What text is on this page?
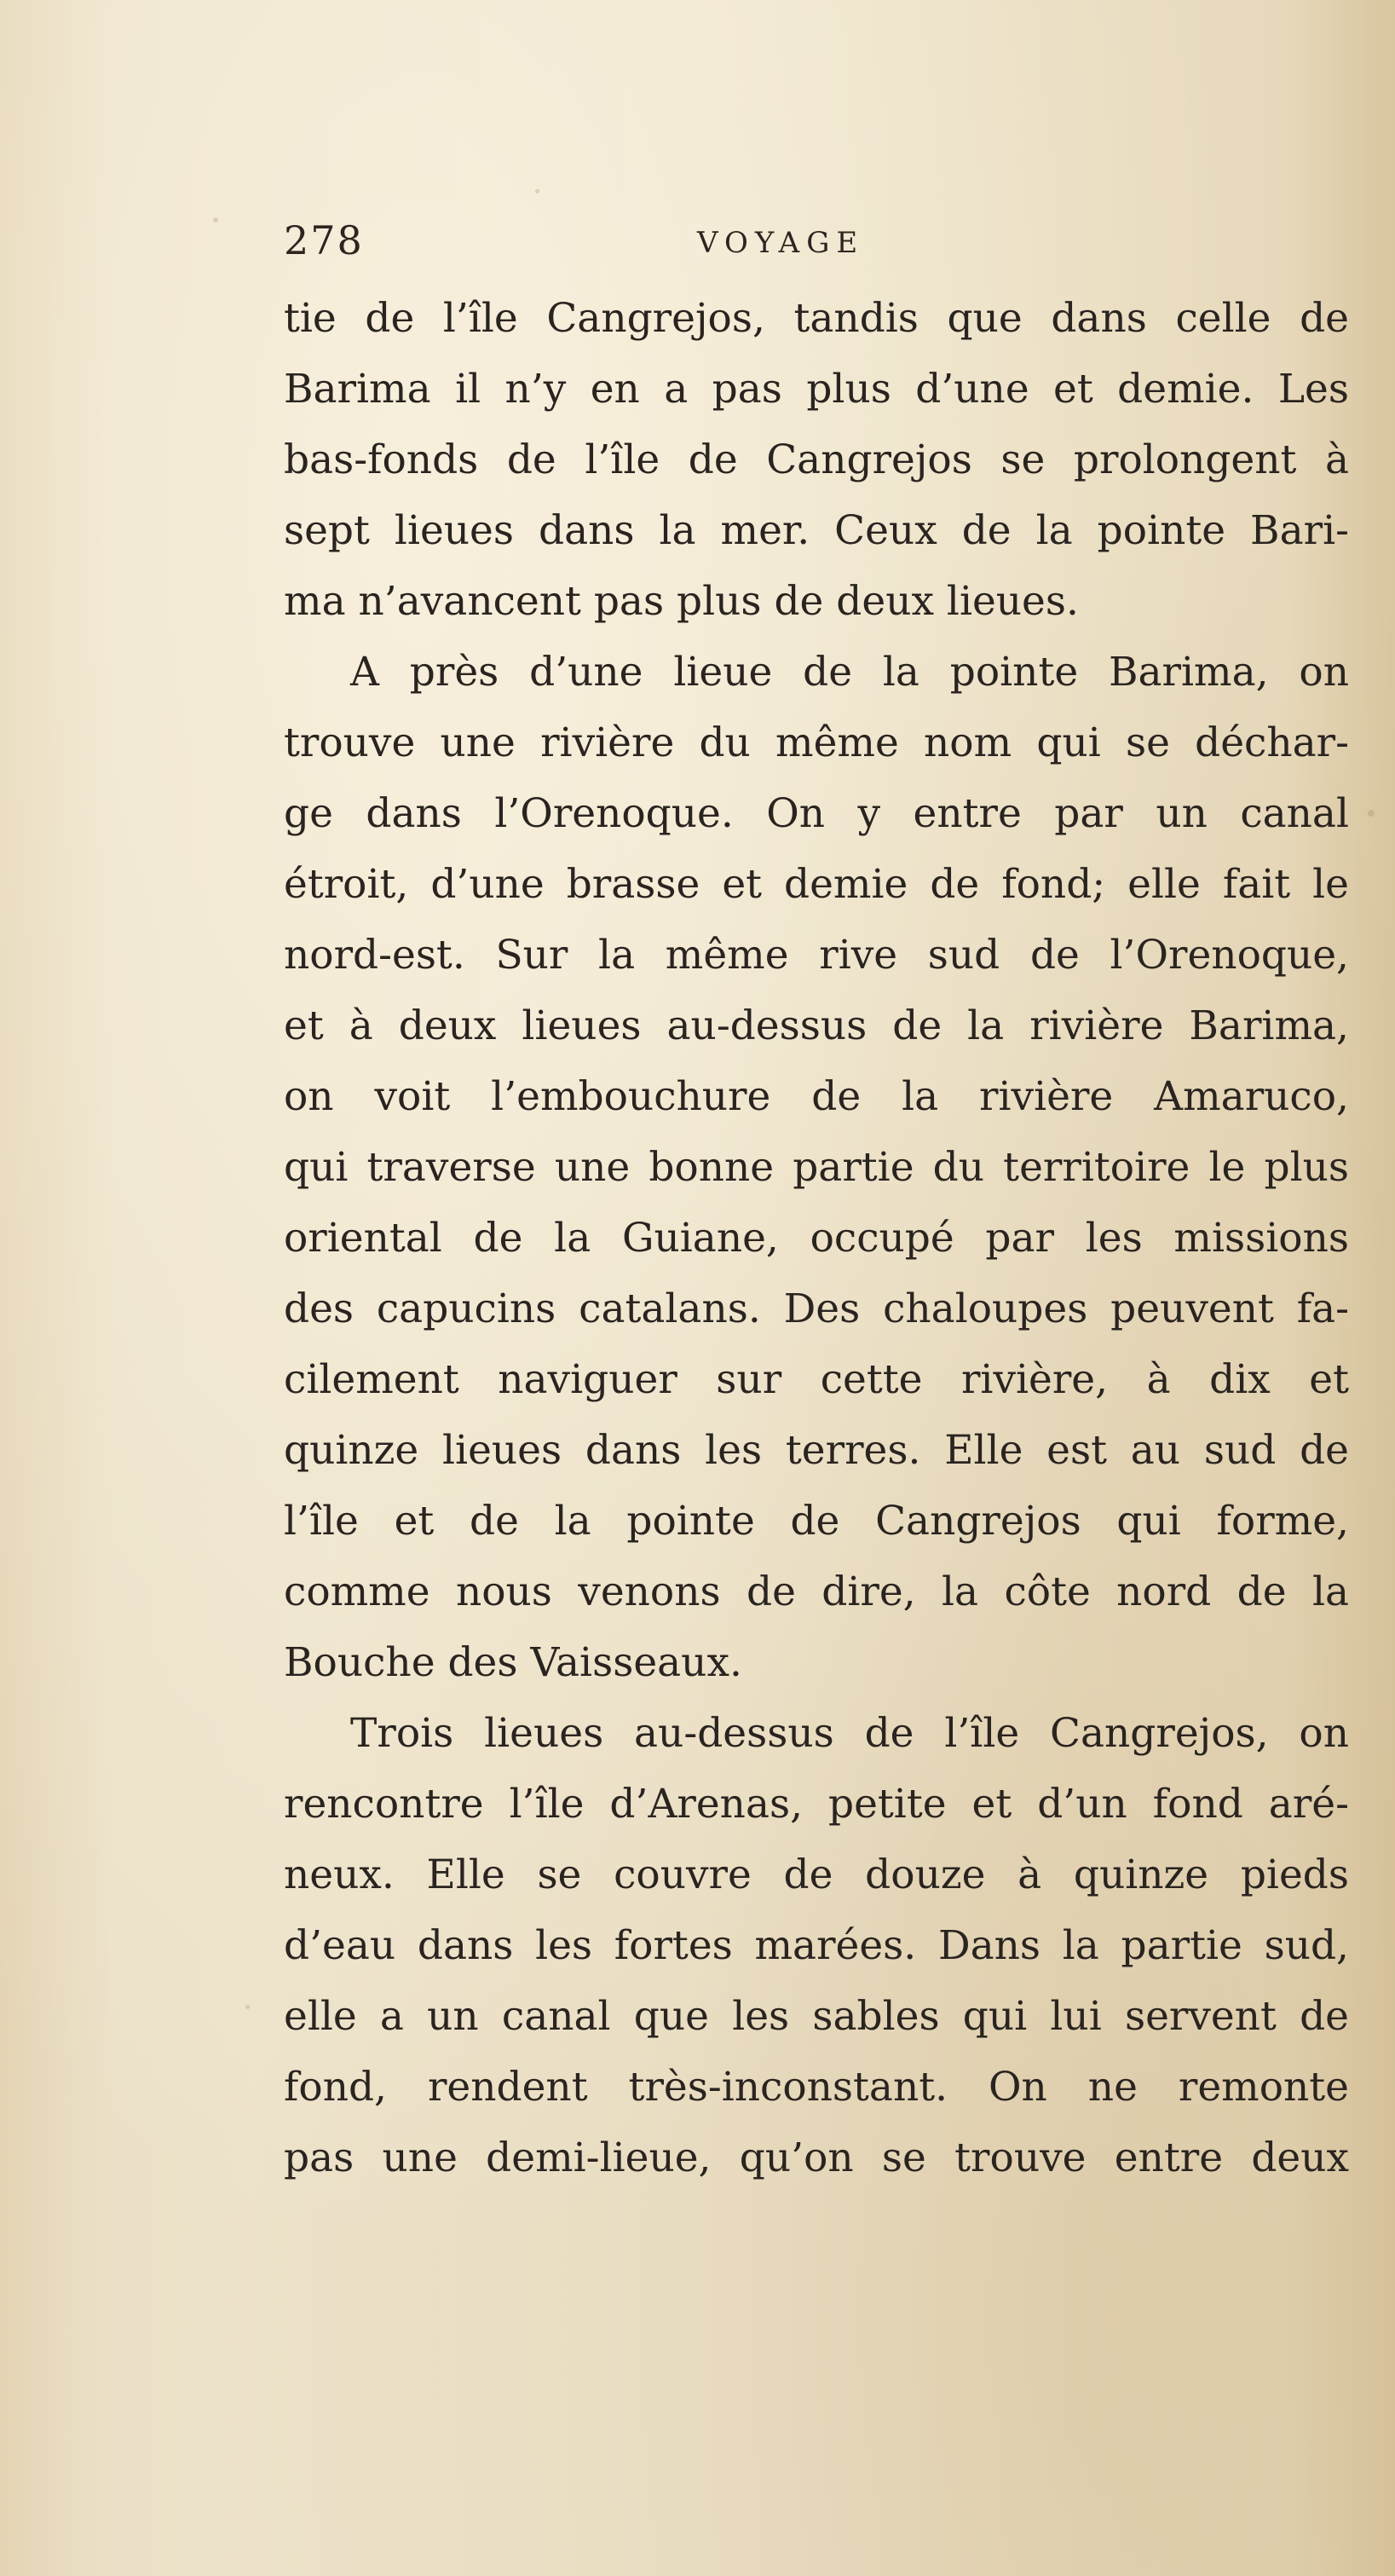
278	VOYAGE
tie de l’île Cangrejos, tandis que dans celle de
Barima il n’y en a pas plus d’une et demie. Les
bas-fonds de l’île de Cangrejos se prolongent à
sept lieues dans la mer. Ceux de la pointe Bari-
ma n’avancent pas plus de deux lieues.
A près d’une lieue de la pointe Barima, on
trouve une rivière du même nom qui se déchar-
ge dans l’Orenoque. On y entre par un canal
étroit, d’une brasse et demie de fond; elle fait le
nord-est. Sur la même rive sud de l’Orenoque,
et à deux lieues au-dessus de la rivière Barima,
on voit l’embouchure de la rivière Amaruco,
qui traverse une bonne partie du territoire le plus
oriental de la Guiane, occupé par les missions
des capucins catalans. Des chaloupes peuvent fa-
cilement naviguer sur cette rivière, à dix et
quinze lieues dans les terres. Elle est au sud de
l’île et de la pointe de Cangrejos qui forme,
comme nous venons de dire, la côte nord de la
Bouche des Vaisseaux.
Trois lieues au-dessus de l’île Cangrejos, on
rencontre l’île d’Arenas, petite et d’un fond aré-
neux. Elle se couvre de douze à quinze pieds
d’eau dans les fortes marées. Dans la partie sud,
elle a un canal que les sables qui lui servent de
fond, rendent très-inconstant. On ne remonte
pas une demi-lieue, qu’on se trouve entre deux
